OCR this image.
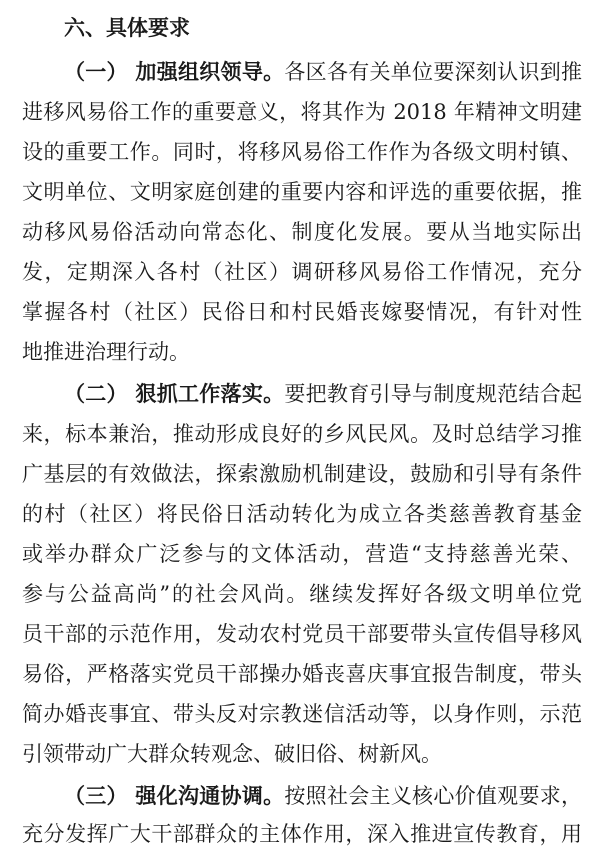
六、具体要求
（一） 加强组织领导。各区各有关单位要深刻认识到推
进移风易俗工作的重要意义，将其作为 2018 年精神文明建
设的重要工作。同时，将移风易俗工作作为各级文明村镇、
文明单位、文明家庭创建的重要内容和评选的重要依据，推
动移风易俗活动向常态化、制度化发展。要从当地实际出
发，定期深入各村（社区）调研移风易俗工作情况，充分
掌握各村（社区）民俗日和村民婚丧嫁娶情况，有针对性
地推进治理行动。
（二） 狠抓工作落实。要把教育引导与制度规范结合起
来，标本兼治，推动形成良好的乡风民风。及时总结学习推
广基层的有效做法，探索激励机制建设，鼓励和引导有条件
的村（社区）将民俗日活动转化为成立各类慈善教育基金
或举办群众广泛参与的文体活动，营造“支持慈善光荣、
参与公益高尚”的社会风尚。继续发挥好各级文明单位党
员干部的示范作用，发动农村党员干部要带头宣传倡导移风
易俗，严格落实党员干部操办婚丧喜庆事宜报告制度，带头
简办婚丧事宜、带头反对宗教迷信活动等，以身作则，示范
引领带动广大群众转观念、破旧俗、树新风。
（三） 强化沟通协调。按照社会主义核心价值观要求，
充分发挥广大干部群众的主体作用，深入推进宣传教育，用
